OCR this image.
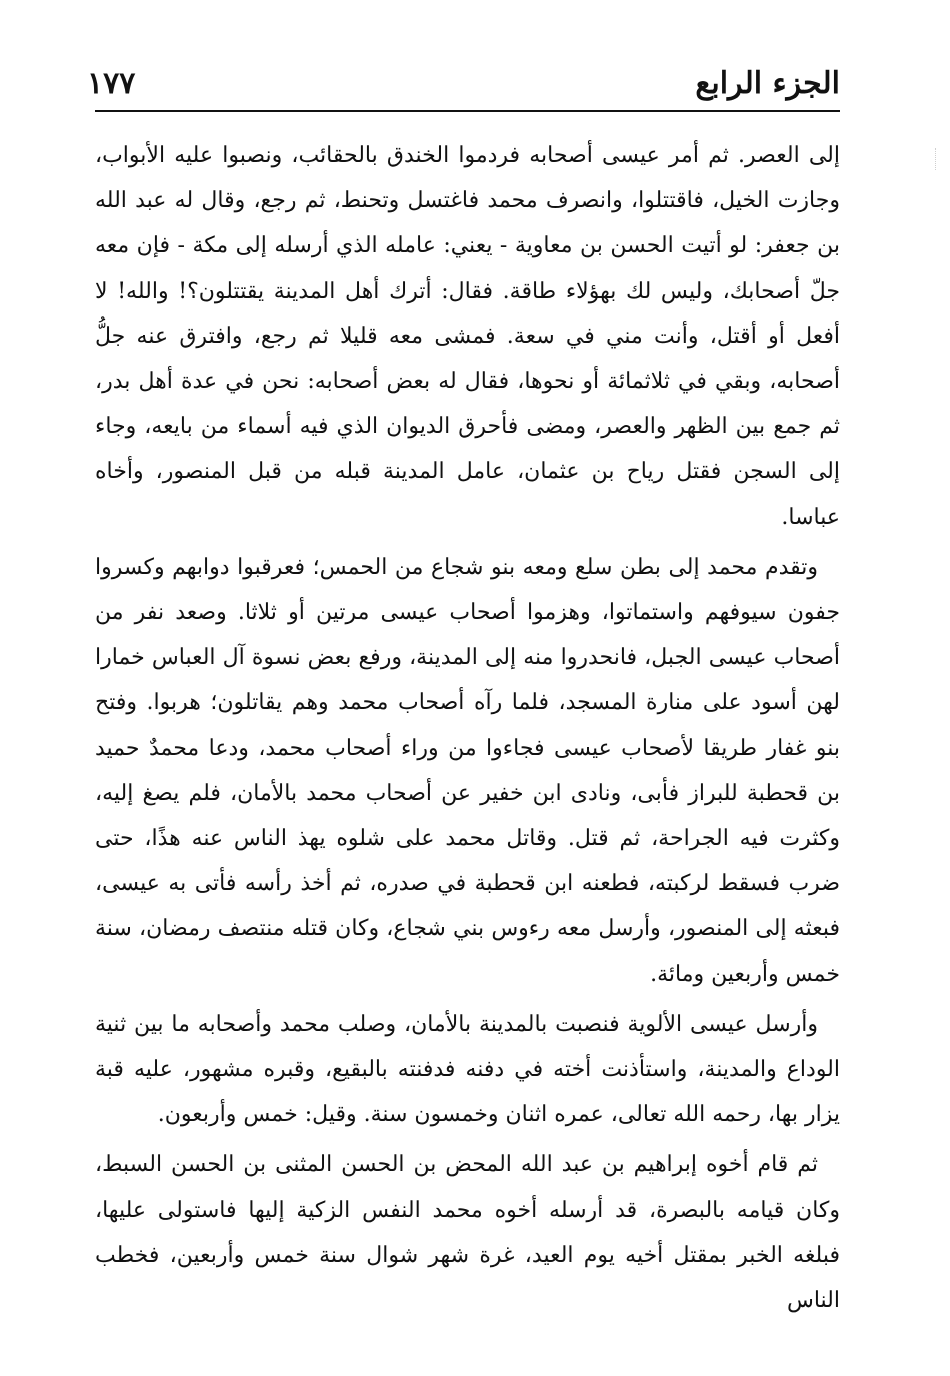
الجزء الرابع
١٧٧

إلى العصر. ثم أمر عيسى أصحابه فردموا الخندق بالحقائب، ونصبوا عليه الأبواب، وجازت الخيل، فاقتتلوا، وانصرف محمد فاغتسل وتحنط، ثم رجع، وقال له عبد الله بن جعفر: لو أتيت الحسن بن معاوية - يعني: عامله الذي أرسله إلى مكة - فإن معه جلّ أصحابك، وليس لك بهؤلاء طاقة. فقال: أترك أهل المدينة يقتتلون؟! والله! لا أفعل أو أقتل، وأنت مني في سعة. فمشى معه قليلا ثم رجع، وافترق عنه جلُّ أصحابه، وبقي في ثلاثمائة أو نحوها، فقال له بعض أصحابه: نحن في عدة أهل بدر، ثم جمع بين الظهر والعصر، ومضى فأحرق الديوان الذي فيه أسماء من بايعه، وجاء إلى السجن فقتل رياح بن عثمان، عامل المدينة قبله من قبل المنصور، وأخاه عباسا.

وتقدم محمد إلى بطن سلع ومعه بنو شجاع من الحمس؛ فعرقبوا دوابهم وكسروا جفون سيوفهم واستماتوا، وهزموا أصحاب عيسى مرتين أو ثلاثا. وصعد نفر من أصحاب عيسى الجبل، فانحدروا منه إلى المدينة، ورفع بعض نسوة آل العباس خمارا لهن أسود على منارة المسجد، فلما رآه أصحاب محمد وهم يقاتلون؛ هربوا. وفتح بنو غفار طريقا لأصحاب عيسى فجاءوا من وراء أصحاب محمد، ودعا محمدٌ حميد بن قحطبة للبراز فأبى، ونادى ابن خفير عن أصحاب محمد بالأمان، فلم يصغ إليه، وكثرت فيه الجراحة، ثم قتل. وقاتل محمد على شلوه يهذ الناس عنه هذًا، حتى ضرب فسقط لركبته، فطعنه ابن قحطبة في صدره، ثم أخذ رأسه فأتى به عيسى، فبعثه إلى المنصور، وأرسل معه رءوس بني شجاع، وكان قتله منتصف رمضان، سنة خمس وأربعين ومائة.

وأرسل عيسى الألوية فنصبت بالمدينة بالأمان، وصلب محمد وأصحابه ما بين ثنية الوداع والمدينة، واستأذنت أخته في دفنه فدفنته بالبقيع، وقبره مشهور، عليه قبة يزار بها، رحمه الله تعالى، عمره اثنان وخمسون سنة. وقيل: خمس وأربعون.

ثم قام أخوه إبراهيم بن عبد الله المحض بن الحسن المثنى بن الحسن السبط، وكان قيامه بالبصرة، قد أرسله أخوه محمد النفس الزكية إليها فاستولى عليها، فبلغه الخبر بمقتل أخيه يوم العيد، غرة شهر شوال سنة خمس وأربعين، فخطب الناس
